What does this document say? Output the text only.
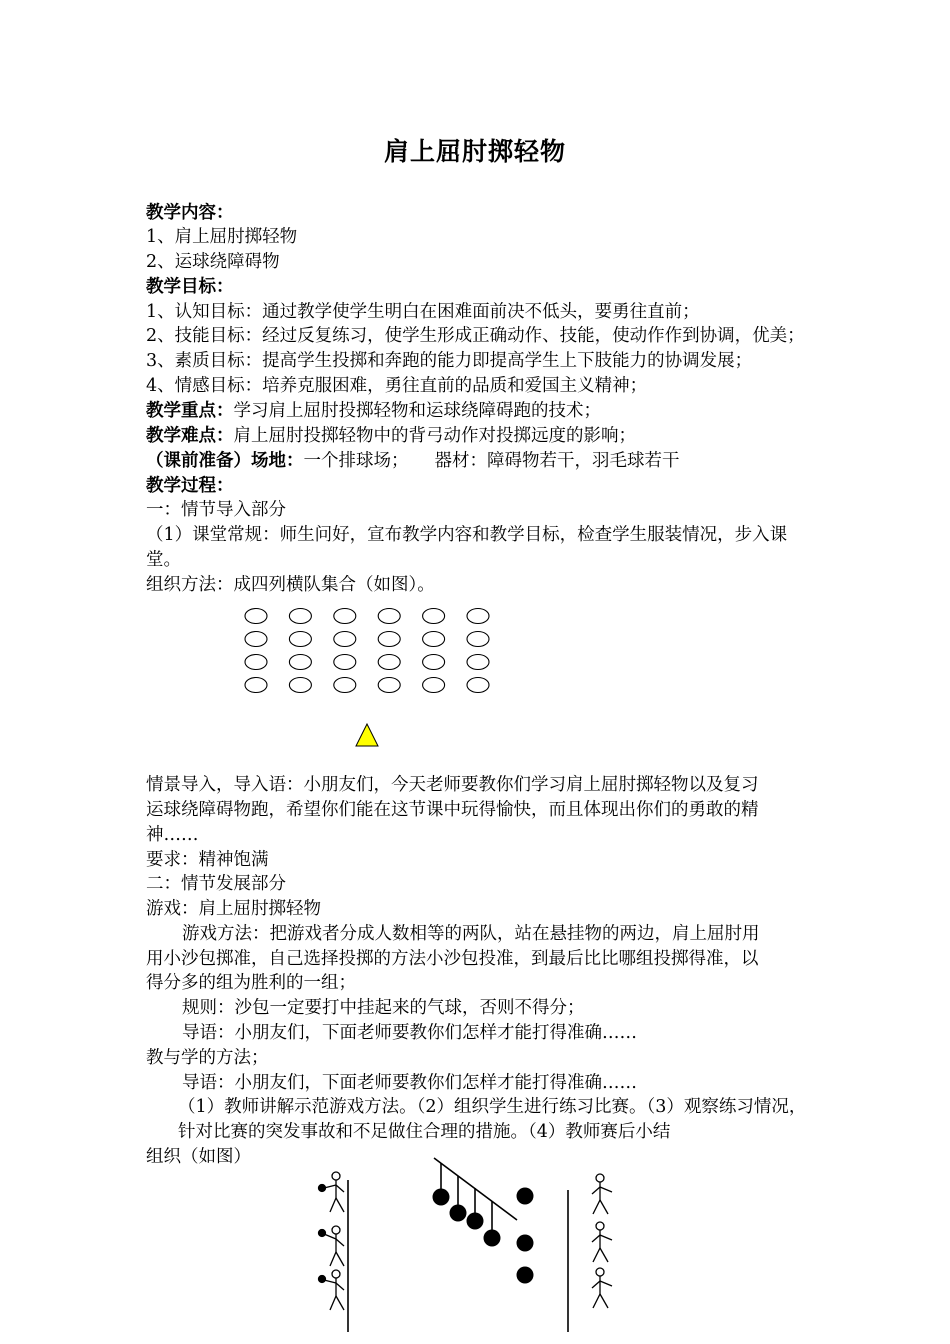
肩上屈肘掷轻物
教学内容：
1、肩上屈肘掷轻物
2、运球绕障碍物
教学目标：
1、认知目标：通过教学使学生明白在困难面前决不低头，要勇往直前；
2、技能目标：经过反复练习，使学生形成正确动作、技能，使动作作到协调，优美；
3、素质目标：提高学生投掷和奔跑的能力即提高学生上下肢能力的协调发展；
4、情感目标：培养克服困难，勇往直前的品质和爱国主义精神；
教学重点：学习肩上屈肘投掷轻物和运球绕障碍跑的技术；
教学难点：肩上屈肘投掷轻物中的背弓动作对投掷远度的影响；
（课前准备）场地：一个排球场； 器材：障碍物若干，羽毛球若干
教学过程：
一：情节导入部分
（1）课堂常规：师生问好，宣布教学内容和教学目标，检查学生服装情况，步入课
堂。
组织方法：成四列横队集合（如图）。
情景导入，导入语：小朋友们，今天老师要教你们学习肩上屈肘掷轻物以及复习
运球绕障碍物跑，希望你们能在这节课中玩得愉快，而且体现出你们的勇敢的精
神……
要求：精神饱满
二：情节发展部分
游戏：肩上屈肘掷轻物
游戏方法：把游戏者分成人数相等的两队，站在悬挂物的两边，肩上屈肘用
用小沙包掷准，自己选择投掷的方法小沙包投准，到最后比比哪组投掷得准，以
得分多的组为胜利的一组；
规则：沙包一定要打中挂起来的气球，否则不得分；
导语：小朋友们，下面老师要教你们怎样才能打得准确……
教与学的方法；
导语：小朋友们，下面老师要教你们怎样才能打得准确……
（1）教师讲解示范游戏方法。（2）组织学生进行练习比赛。（3）观察练习情况，
针对比赛的突发事故和不足做住合理的措施。（4）教师赛后小结
组织（如图）
